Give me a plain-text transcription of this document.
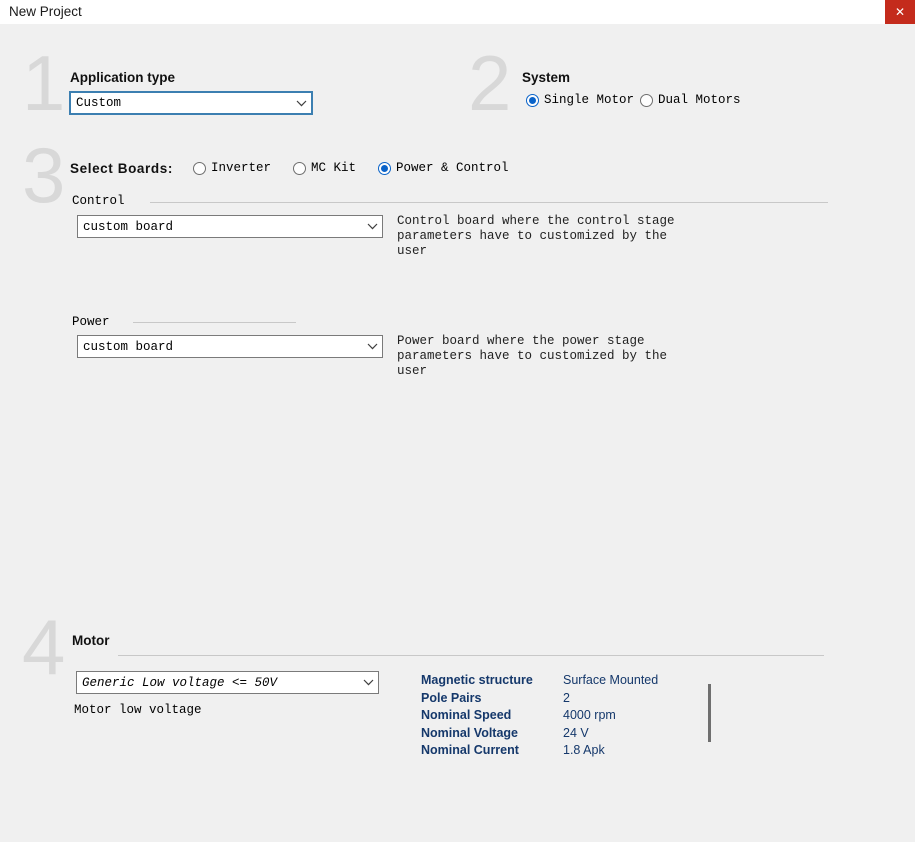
New Project	✕
1	2
3
4
Application type
Custom
System
Single Motor Dual Motors
Select Boards:	Inverter	MC Kit	Power & Control
Control
custom board	Control board where the control stage
parameters have to customized by the
user
Power
custom board	Power board where the power stage
parameters have to customized by the
user
Motor
Generic Low voltage <= 50V
Motor low voltage
Magnetic structure	Surface Mounted
Pole Pairs	2
Nominal Speed	4000 rpm
Nominal Voltage	24 V
Nominal Current	1.8 Apk
